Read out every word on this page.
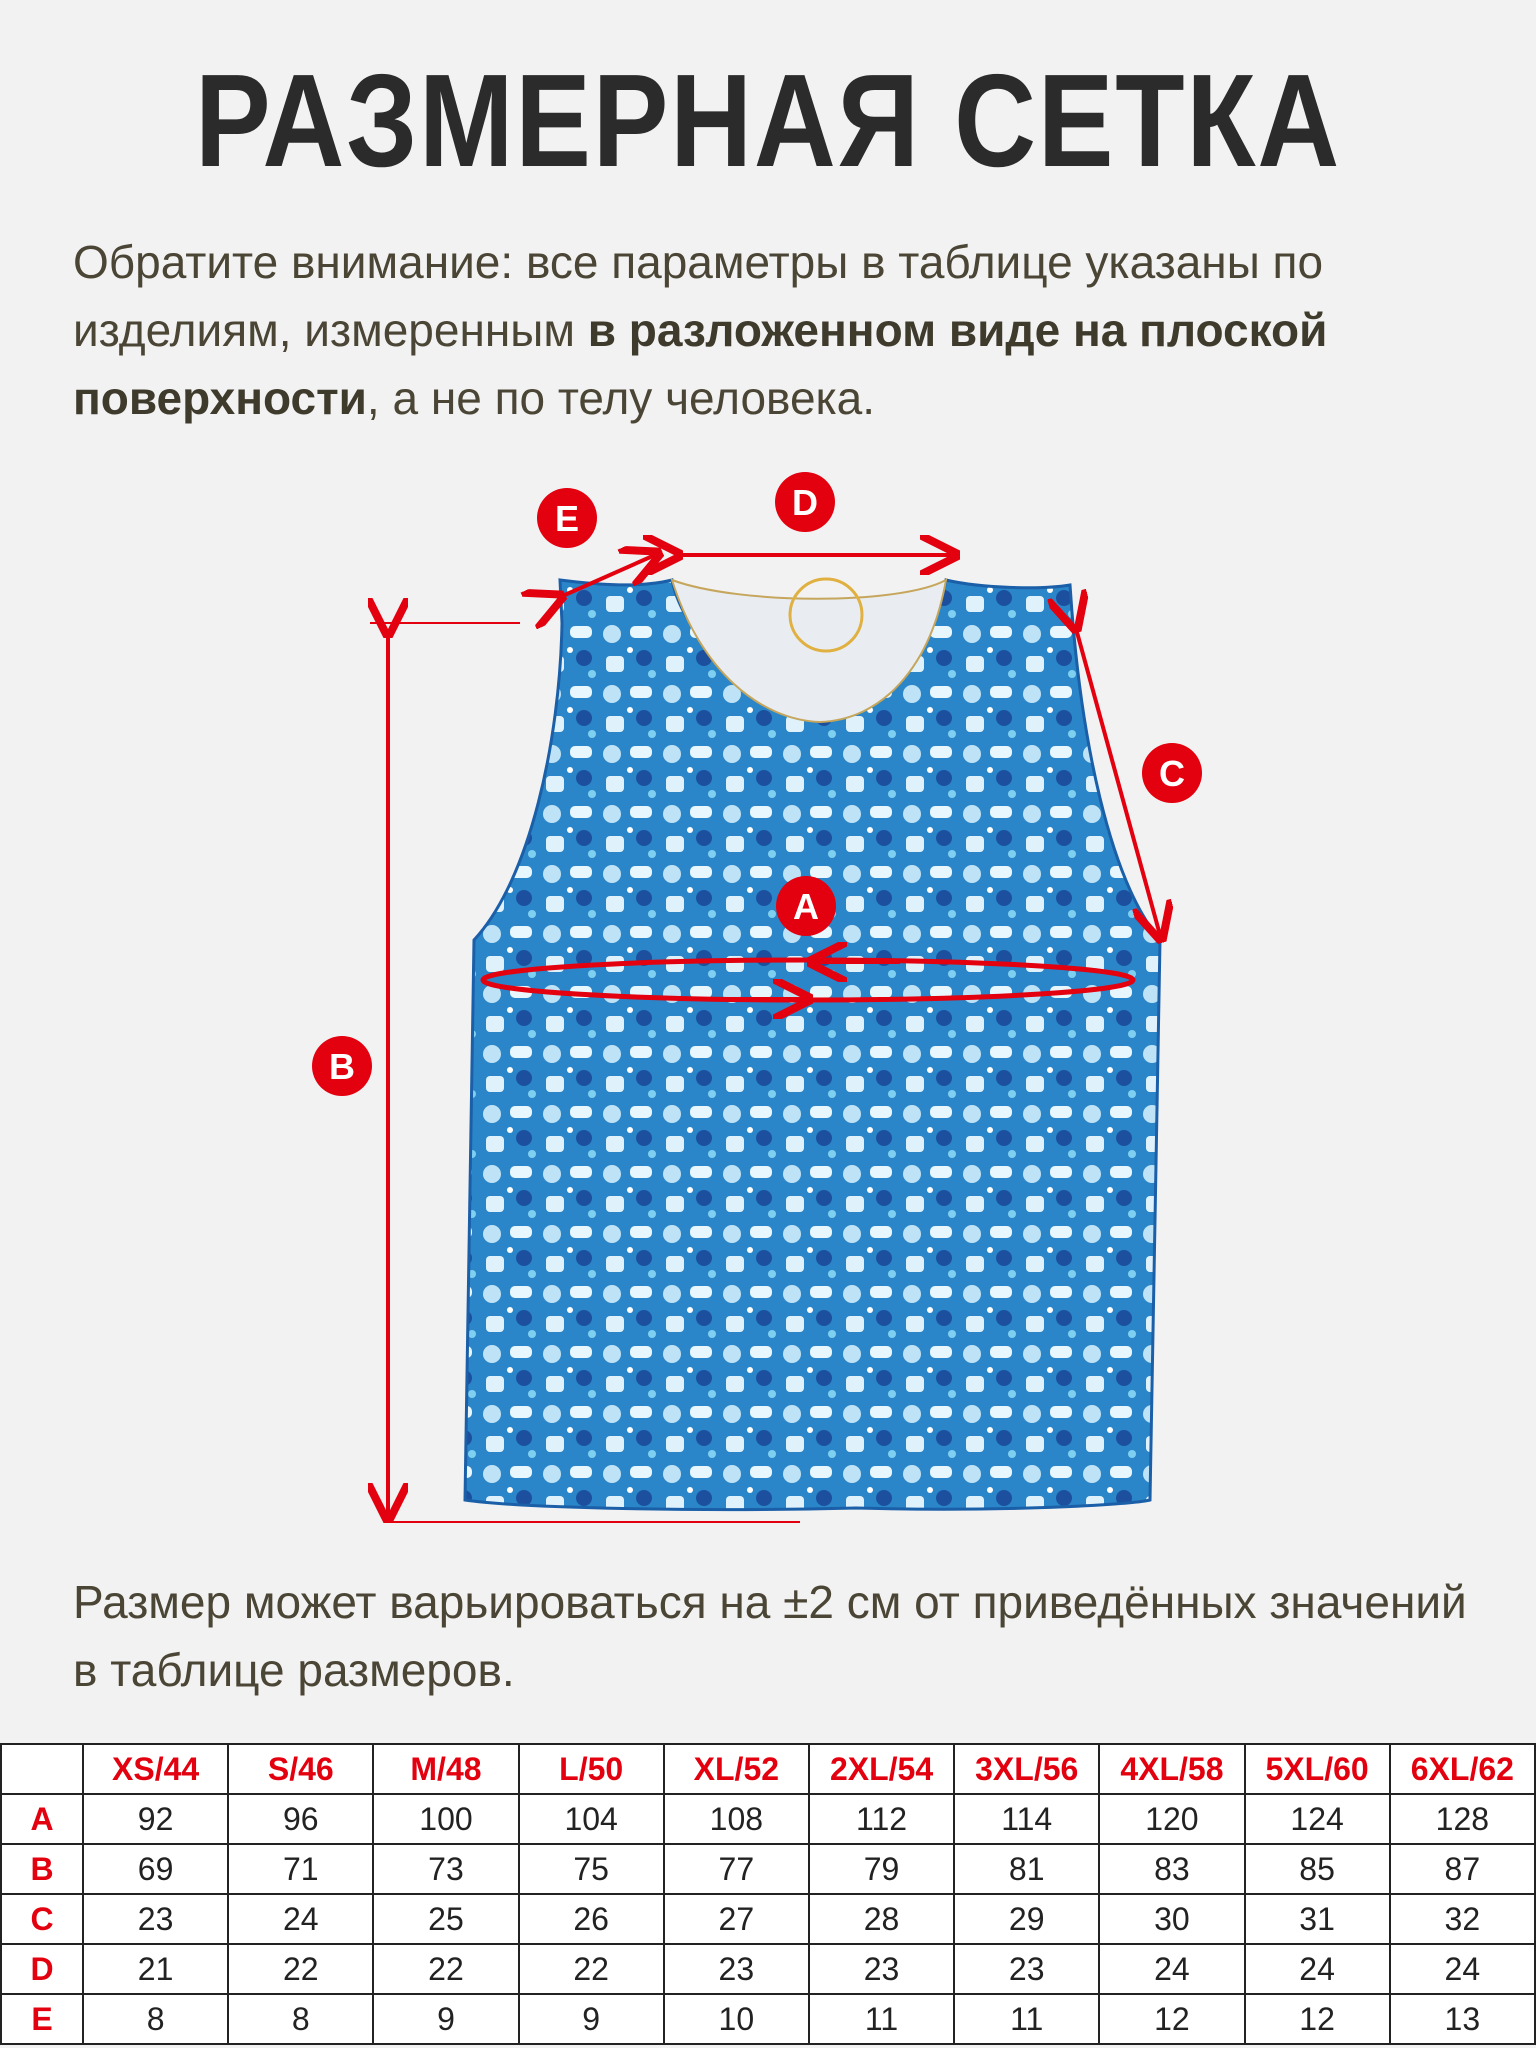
РАЗМЕРНАЯ СЕТКА
Обратите внимание: все параметры в таблице указаны по изделиям, измеренным в разложенном виде на плоской поверхности, а не по телу человека.
E	D
C
B
A
Размер может варьироваться на ±2 см от приведённых значений в таблице размеров.
	XS/44	S/46	M/48	L/50	XL/52	2XL/54	3XL/56	4XL/58	5XL/60	6XL/62
A	92	96	100	104	108	112	114	120	124	128
B	69	71	73	75	77	79	81	83	85	87
C	23	24	25	26	27	28	29	30	31	32
D	21	22	22	22	23	23	23	24	24	24
E	8	8	9	9	10	11	11	12	12	13
